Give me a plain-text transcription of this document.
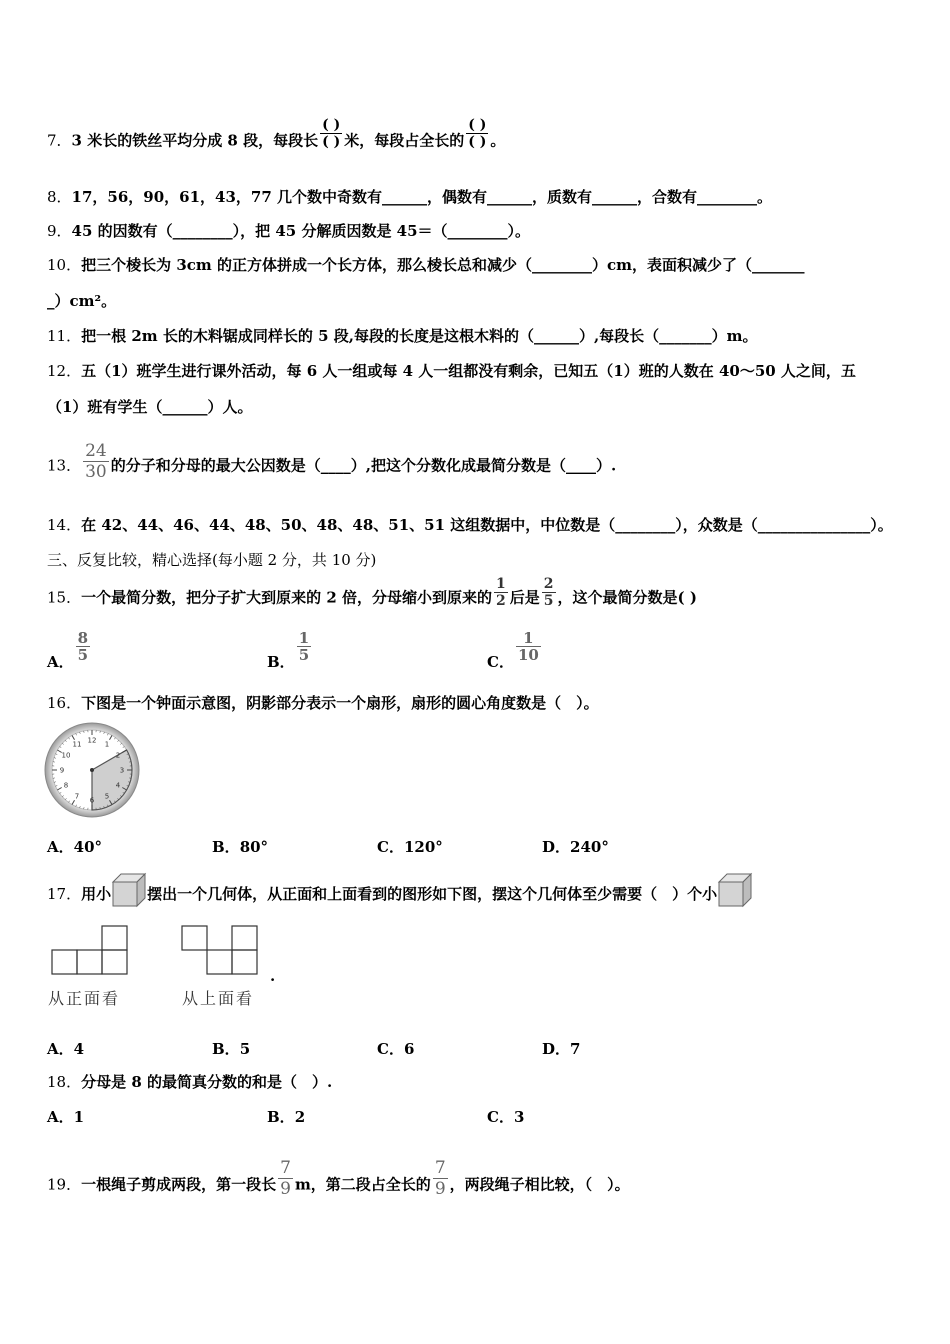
7．3 米长的铁丝平均分成 8 段，每段长 $\frac{( )}{( )}$ 米，每段占全长的 $\frac{( )}{( )}$ 。
8．17，56，90，61，43，77 几个数中奇数有______，偶数有______，质数有______，合数有________。
9．45 的因数有（________），把 45 分解质因数是 45＝（________）。
10．把三个棱长为 3cm 的正方体拼成一个长方体，那么棱长总和减少（________）cm，表面积减少了（_______
_）cm²。
11．把一根 2m 长的木料锯成同样长的 5 段,每段的长度是这根木料的（______）,每段长（_______）m。
12．五（1）班学生进行课外活动，每 6 人一组或每 4 人一组都没有剩余，已知五（1）班的人数在 40～50 人之间，五
（1）班有学生（______）人。
13． $\frac{24}{30}$ 的分子和分母的最大公因数是（____）,把这个分数化成最简分数是（____）.
14．在 42、44、46、44、48、50、48、48、51、51 这组数据中，中位数是（________），众数是（_______________）。
三、反复比较，精心选择(每小题 2 分，共 10 分)
15．一个最简分数，把分子扩大到原来的 2 倍，分母缩小到原来的 $\frac{1}{2}$ 后是 $\frac{2}{5}$ ，这个最简分数是( )
A． $\frac{8}{5}$	B． $\frac{1}{5}$	C． $\frac{1}{10}$
16．下图是一个钟面示意图，阴影部分表示一个扇形，扇形的圆心角度数是（　）。
12
1
2
3
4
5
6
7
8
9
10
11
A．40°	B．80°	C．120°	D．240°
17．用小 摆出一个几何体，从正面和上面看到的图形如下图，摆这个几何体至少需要（　）个小
从正面看	从上面看
.
A．4	B．5	C．6	D．7
18．分母是 8 的最简真分数的和是（　）.
A．1	B．2	C．3
19．一根绳子剪成两段，第一段长 $\frac{7}{9}$ m，第二段占全长的 $\frac{7}{9}$ ，两段绳子相比较，（　）。
